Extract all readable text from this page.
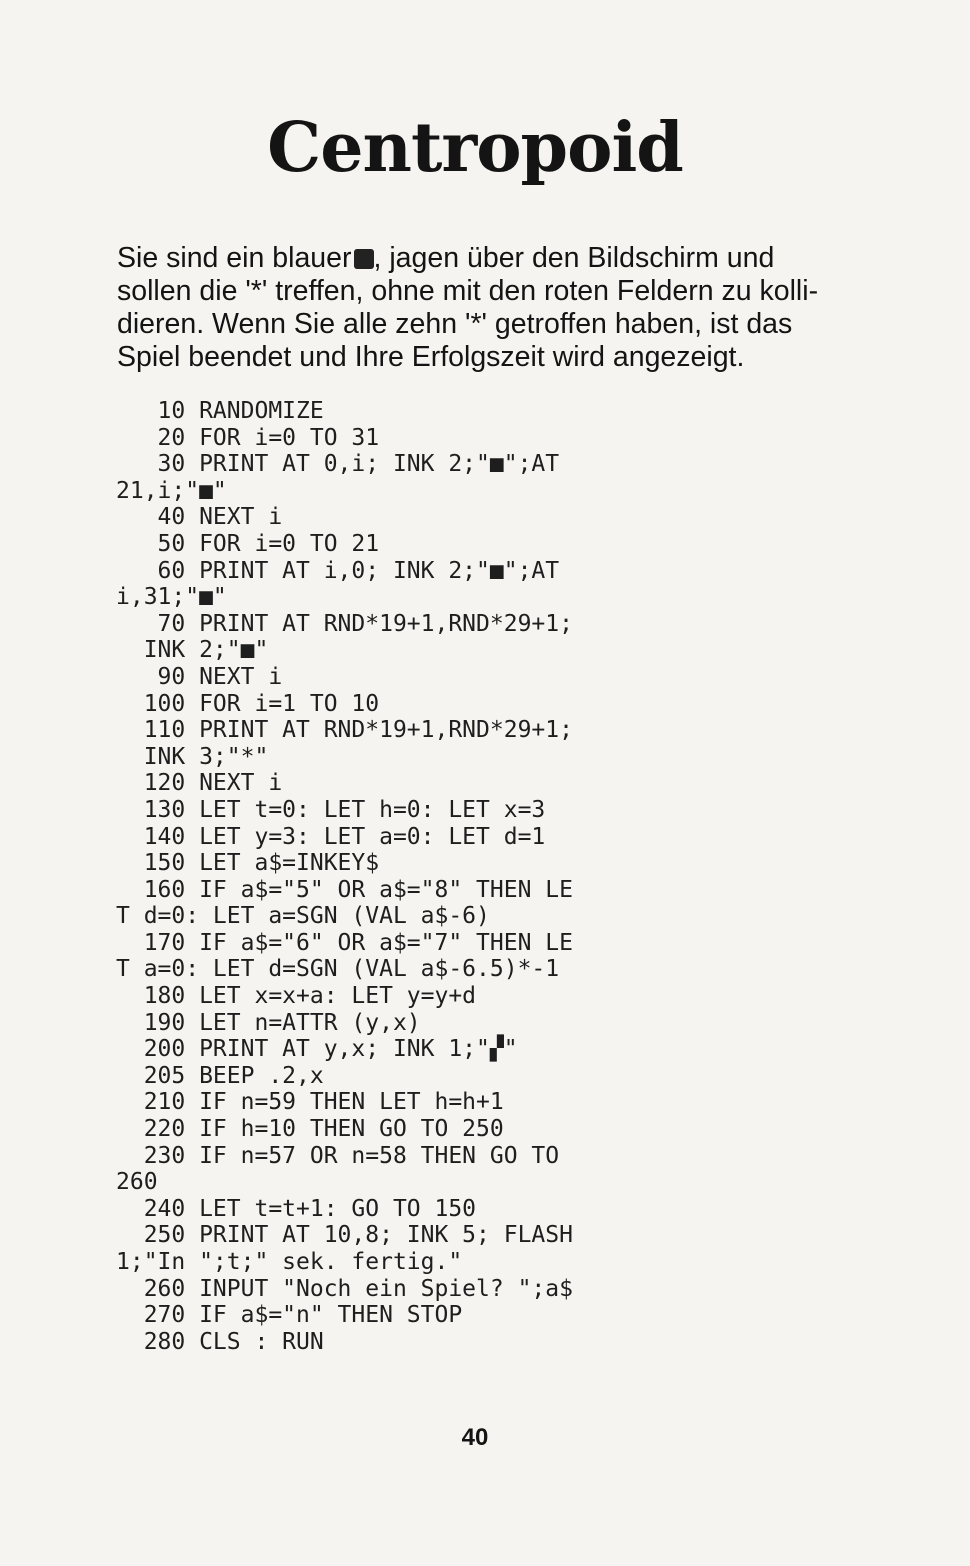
Centropoid

Sie sind ein blauer , jagen über den Bildschirm und

sollen die '*' treffen, ohne mit den roten Feldern zu kolli-

dieren. Wenn Sie alle zehn '*' getroffen haben, ist das

Spiel beendet und Ihre Erfolgszeit wird angezeigt.

10 RANDOMIZE
20 FOR i=0 TO 31
30 PRINT AT 0,i; INK 2;"■";AT
21,i;"■"
40 NEXT i
50 FOR i=0 TO 21
60 PRINT AT i,0; INK 2;"■";AT
i,31;"■"
70 PRINT AT RND*19+1,RND*29+1;
INK 2;"■"
90 NEXT i
100 FOR i=1 TO 10
110 PRINT AT RND*19+1,RND*29+1;
INK 3;"*"
120 NEXT i
130 LET t=0: LET h=0: LET x=3
140 LET y=3: LET a=0: LET d=1
150 LET a$=INKEY$
160 IF a$="5" OR a$="8" THEN LE
T d=0: LET a=SGN (VAL a$-6)
170 IF a$="6" OR a$="7" THEN LE
T a=0: LET d=SGN (VAL a$-6.5)*-1
180 LET x=x+a: LET y=y+d
190 LET n=ATTR (y,x)
200 PRINT AT y,x; INK 1;"▞"
205 BEEP .2,x
210 IF n=59 THEN LET h=h+1
220 IF h=10 THEN GO TO 250
230 IF n=57 OR n=58 THEN GO TO
260
240 LET t=t+1: GO TO 150
250 PRINT AT 10,8; INK 5; FLASH
1;"In ";t;" sek. fertig."
260 INPUT "Noch ein Spiel? ";a$
270 IF a$="n" THEN STOP
280 CLS : RUN
40
